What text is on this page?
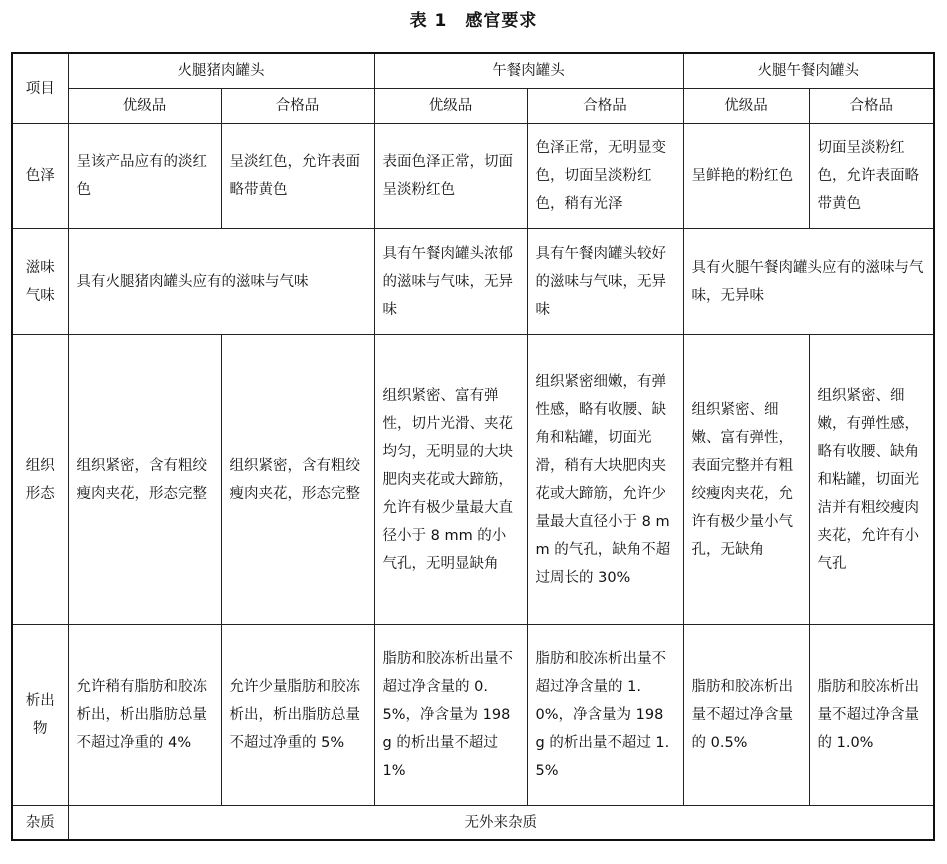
表 1　感官要求
项目	火腿猪肉罐头		午餐肉罐头		火腿午餐肉罐头	
	优级品	合格品	优级品	合格品	优级品	合格品
色泽	呈该产品应有的淡红色	呈淡红色，允许表面略带黄色	表面色泽正常，切面呈淡粉红色	色泽正常，无明显变色，切面呈淡粉红色，稍有光泽	呈鲜艳的粉红色	切面呈淡粉红色，允许表面略带黄色
滋味气味	具有火腿猪肉罐头应有的滋味与气味		具有午餐肉罐头浓郁的滋味与气味，无异味	具有午餐肉罐头较好的滋味与气味，无异味	具有火腿午餐肉罐头应有的滋味与气味，无异味	
组织形态	组织紧密，含有粗绞瘦肉夹花，形态完整	组织紧密，含有粗绞瘦肉夹花，形态完整	组织紧密、富有弹性，切片光滑、夹花均匀，无明显的大块肥肉夹花或大蹄筋，允许有极少量最大直径小于 8 mm 的小气孔，无明显缺角	组织紧密细嫩，有弹性感，略有收腰、缺角和粘罐，切面光滑，稍有大块肥肉夹花或大蹄筋，允许少量最大直径小于 8 mm 的气孔，缺角不超过周长的 30%	组织紧密、细嫩、富有弹性，表面完整并有粗绞瘦肉夹花，允许有极少量小气孔，无缺角	组织紧密、细嫩，有弹性感，略有收腰、缺角和粘罐，切面光洁并有粗绞瘦肉夹花，允许有小气孔
析出物	允许稍有脂肪和胶冻析出，析出脂肪总量不超过净重的 4%	允许少量脂肪和胶冻析出，析出脂肪总量不超过净重的 5%	脂肪和胶冻析出量不超过净含量的 0.5%，净含量为 198 g 的析出量不超过 1%	脂肪和胶冻析出量不超过净含量的 1.0%，净含量为 198 g 的析出量不超过 1.5%	脂肪和胶冻析出量不超过净含量的 0.5%	脂肪和胶冻析出量不超过净含量的 1.0%
杂质	无外来杂质					
